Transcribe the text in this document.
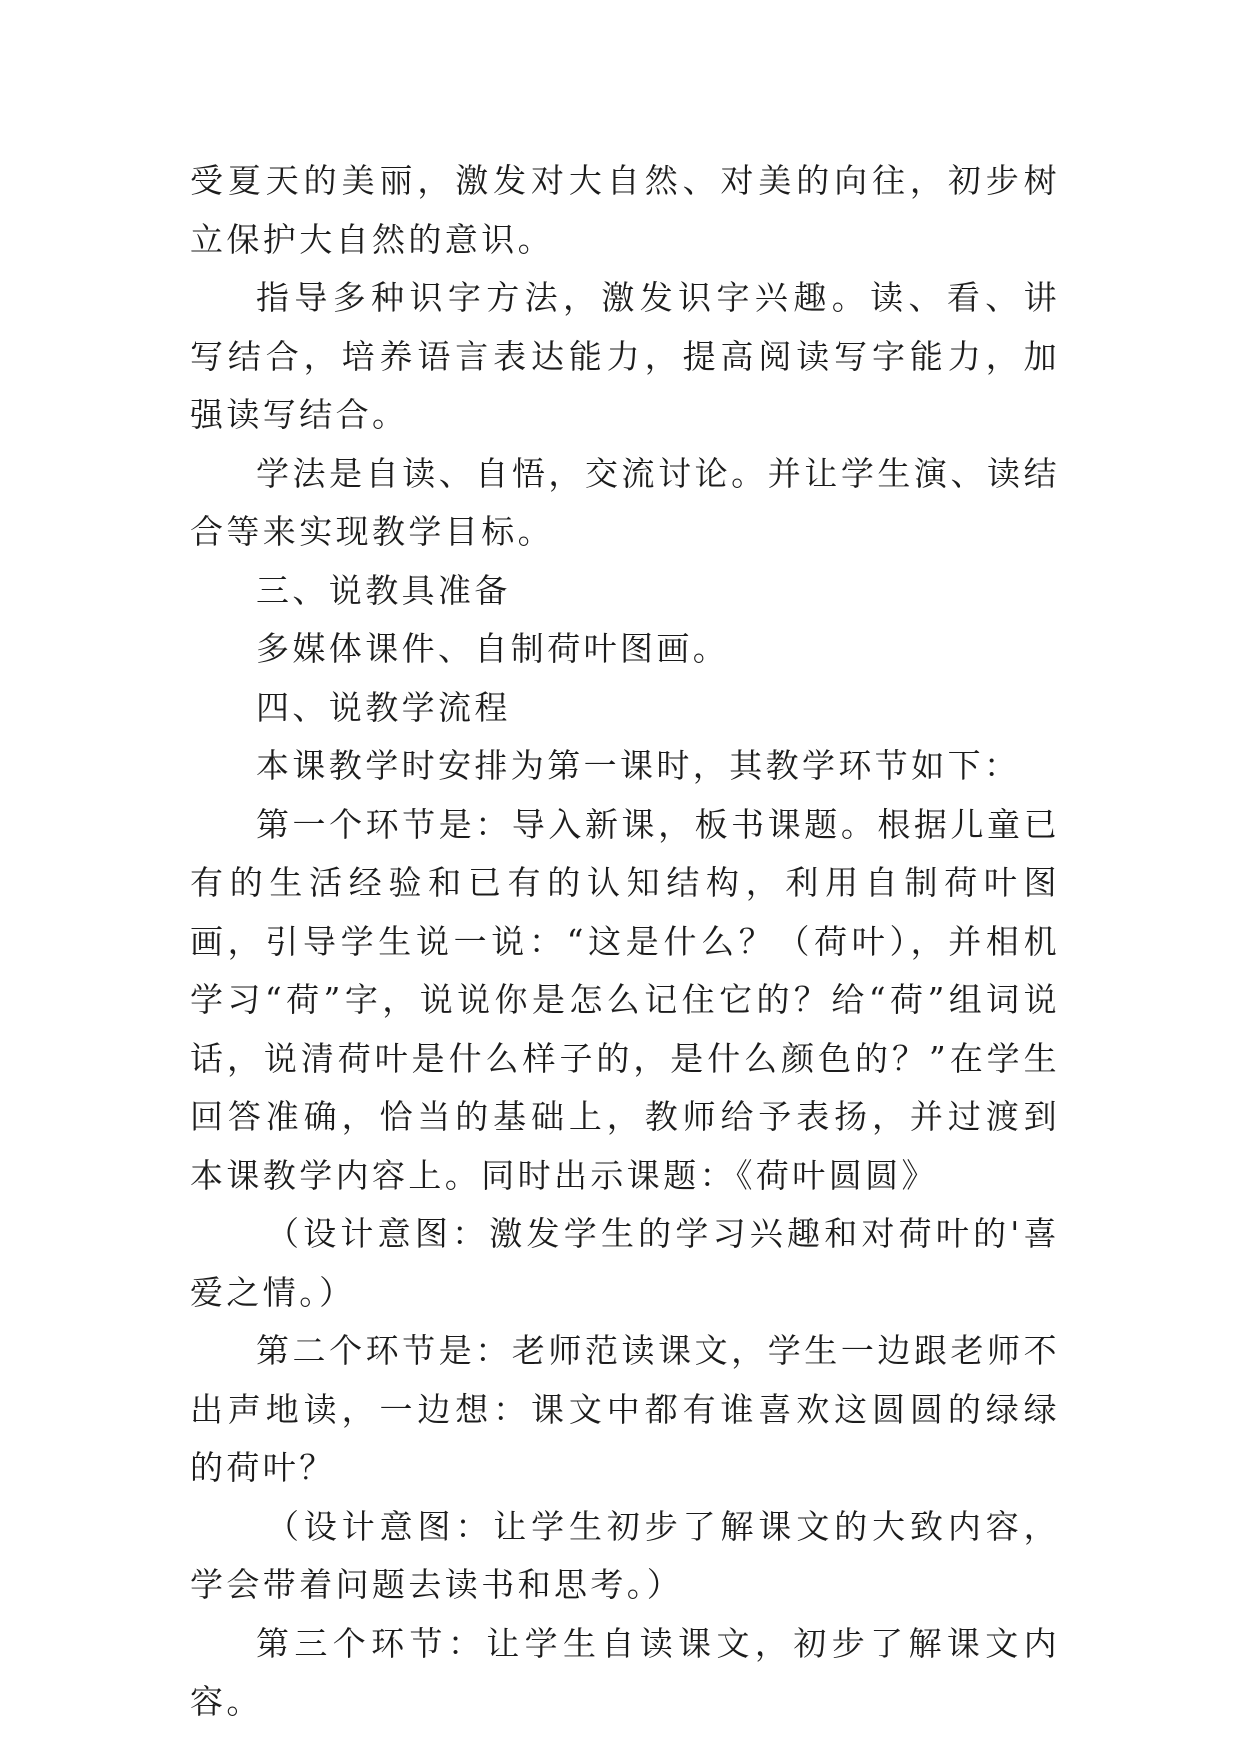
受夏天的美丽，激发对大自然、对美的向往，初步树立保护大自然的意识。

指导多种识字方法，激发识字兴趣。读、看、讲 写结合，培养语言表达能力，提高阅读写字能力，加强读写结合。

学法是自读、自悟，交流讨论。并让学生演、读结合等来实现教学目标。

三、说教具准备

多媒体课件、自制荷叶图画。

四、说教学流程

本课教学时安排为第一课时，其教学环节如下：

第一个环节是：导入新课，板书课题。根据儿童已有的生活经验和已有的认知结构，利用自制荷叶图画，引导学生说一说：“这是什么？（荷叶），并相机学习“荷”字，说说你是怎么记住它的？给“荷”组词说话，说清荷叶是什么样子的，是什么颜色的？”在学生回答准确，恰当的基础上，教师给予表扬，并过渡到本课教学内容上。同时出示课题：《荷叶圆圆》

（设计意图：激发学生的学习兴趣和对荷叶的'喜爱之情。）

第二个环节是：老师范读课文，学生一边跟老师不出声地读，一边想：课文中都有谁喜欢这圆圆的绿绿的荷叶？

（设计意图：让学生初步了解课文的大致内容，学会带着问题去读书和思考。）

第三个环节：让学生自读课文，初步了解课文内容。
